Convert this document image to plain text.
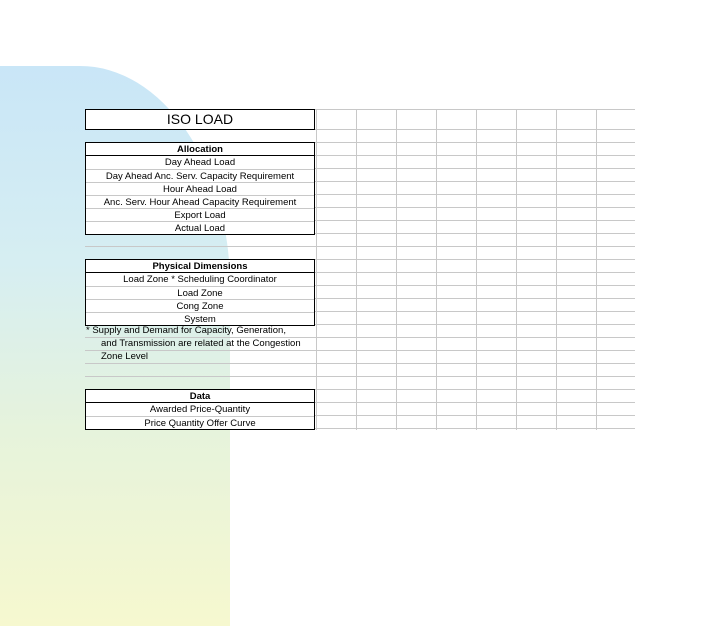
ISO LOAD
Allocation
Day Ahead Load
Day Ahead Anc. Serv. Capacity Requirement
Hour Ahead Load
Anc. Serv. Hour Ahead Capacity Requirement
Export Load
Actual Load
Physical Dimensions
Load Zone * Scheduling Coordinator
Load Zone
Cong Zone
System
* Supply and Demand for Capacity, Generation,
and Transmission are related at the Congestion
Zone Level
Data
Awarded Price-Quantity
Price Quantity Offer Curve
